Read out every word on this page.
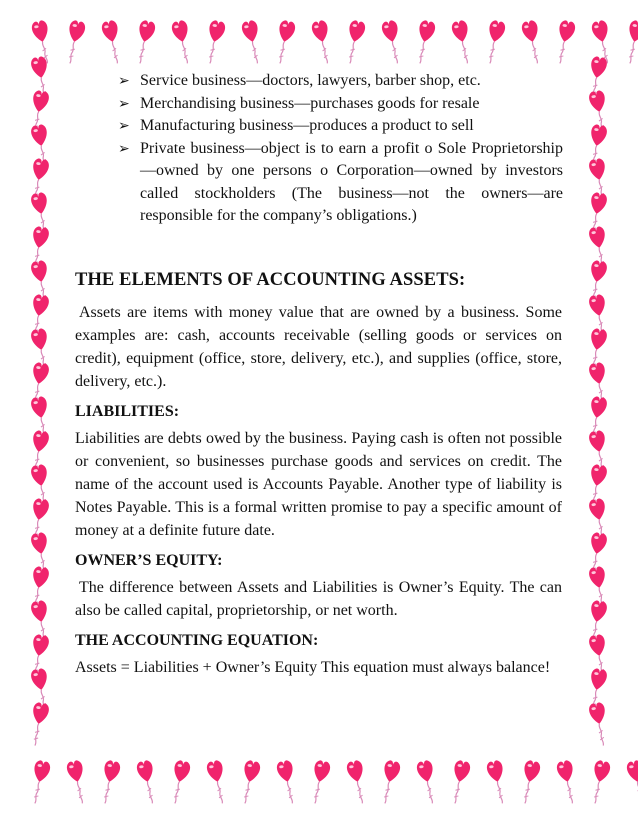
➢ Service business—doctors, lawyers, barber shop, etc.
➢ Merchandising business—purchases goods for resale
➢ Manufacturing business—produces a product to sell
➢ Private business—object is to earn a profit o Sole Proprietorship—owned by one persons o Corporation—owned by investors called stockholders (The business—not the owners—are responsible for the company’s obligations.)
THE ELEMENTS OF ACCOUNTING ASSETS:

Assets are items with money value that are owned by a business. Some examples are: cash, accounts receivable (selling goods or services on credit), equipment (office, store, delivery, etc.), and supplies (office, store, delivery, etc.).

LIABILITIES:

Liabilities are debts owed by the business. Paying cash is often not possible or convenient, so businesses purchase goods and services on credit. The name of the account used is Accounts Payable. Another type of liability is Notes Payable. This is a formal written promise to pay a specific amount of money at a definite future date.

OWNER’S EQUITY:

The difference between Assets and Liabilities is Owner’s Equity. The can also be called capital, proprietorship, or net worth.

THE ACCOUNTING EQUATION:

Assets = Liabilities + Owner’s Equity This equation must always balance!
